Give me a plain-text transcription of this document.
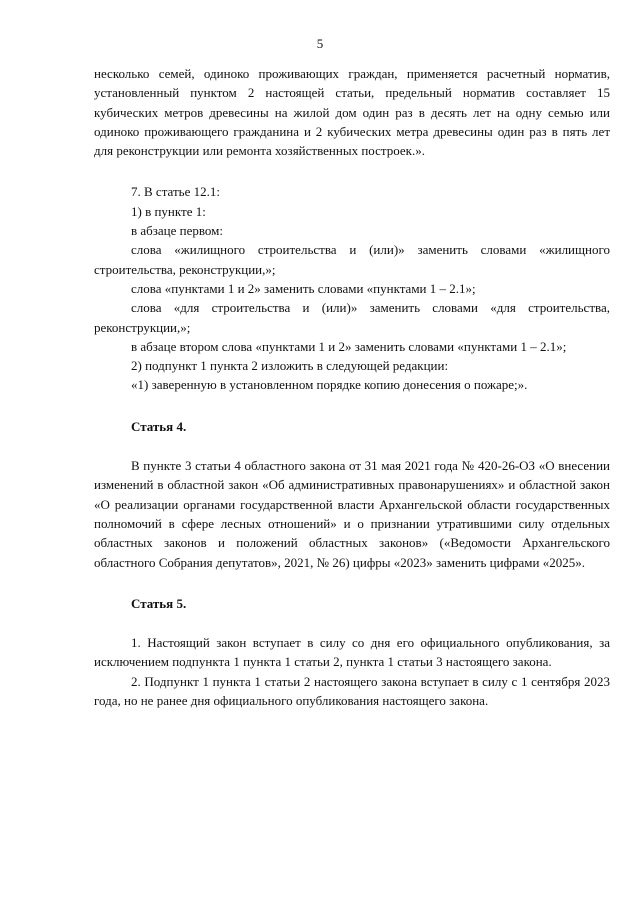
5

несколько семей, одиноко проживающих граждан, применяется расчетный норматив, установленный пунктом 2 настоящей статьи, предельный норматив составляет 15 кубических метров древесины на жилой дом один раз в десять лет на одну семью или одиноко проживающего гражданина и 2 кубических метра древесины один раз в пять лет для реконструкции или ремонта хозяйственных построек.».

7. В статье 12.1:

1) в пункте 1:

в абзаце первом:

слова «жилищного строительства и (или)» заменить словами «жилищного строительства, реконструкции,»;

слова «пунктами 1 и 2» заменить словами «пунктами 1 – 2.1»;

слова «для строительства и (или)» заменить словами «для строительства, реконструкции,»;

в абзаце втором слова «пунктами 1 и 2» заменить словами «пунктами 1 – 2.1»;

2) подпункт 1 пункта 2 изложить в следующей редакции:

«1) заверенную в установленном порядке копию донесения о пожаре;».

Статья 4.

В пункте 3 статьи 4 областного закона от 31 мая 2021 года № 420-26-ОЗ «О внесении изменений в областной закон «Об административных правонарушениях» и областной закон «О реализации органами государственной власти Архангельской области государственных полномочий в сфере лесных отношений» и о признании утратившими силу отдельных областных законов и положений областных законов» («Ведомости Архангельского областного Собрания депутатов», 2021, № 26) цифры «2023» заменить цифрами «2025».

Статья 5.

1. Настоящий закон вступает в силу со дня его официального опубликования, за исключением подпункта 1 пункта 1 статьи 2, пункта 1 статьи 3 настоящего закона.

2. Подпункт 1 пункта 1 статьи 2 настоящего закона вступает в силу с 1 сентября 2023 года, но не ранее дня официального опубликования настоящего закона.
